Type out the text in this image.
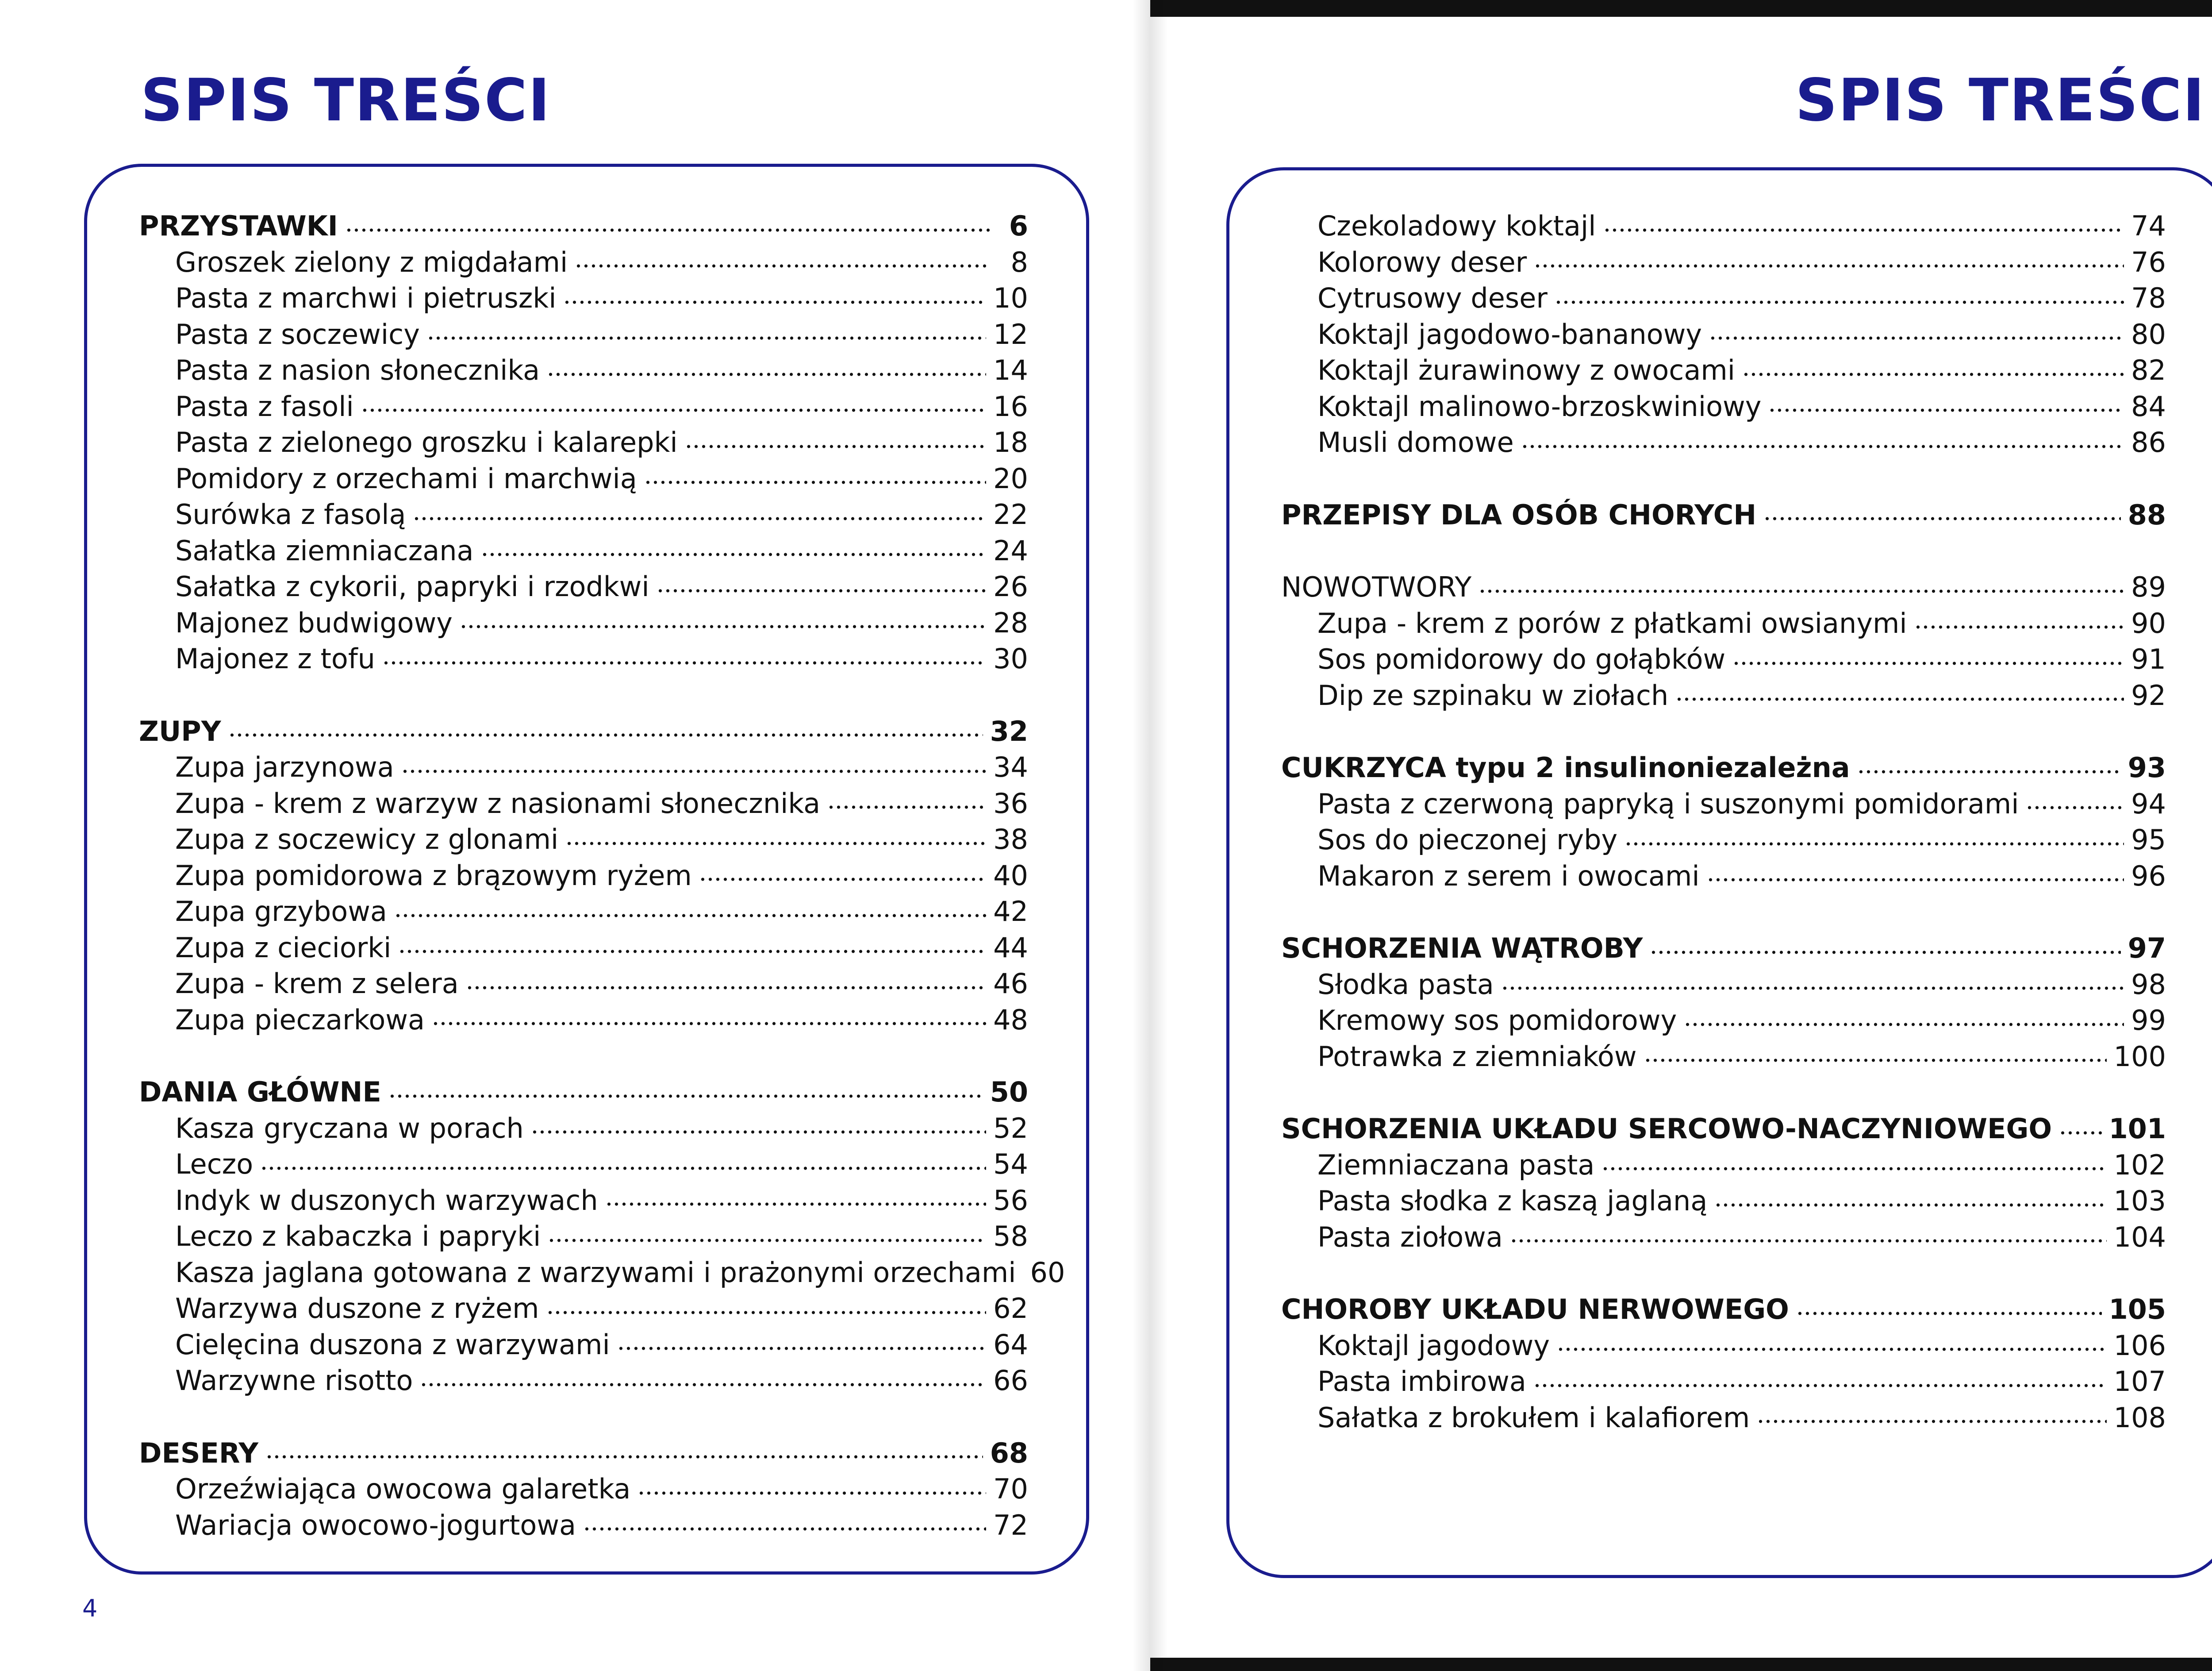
SPIS TREŚCI
PRZYSTAWKI	6
Groszek zielony z migdałami	8
Pasta z marchwi i pietruszki	10
Pasta z soczewicy	12
Pasta z nasion słonecznika	14
Pasta z fasoli	16
Pasta z zielonego groszku i kalarepki	18
Pomidory z orzechami i marchwią	20
Surówka z fasolą	22
Sałatka ziemniaczana	24
Sałatka z cykorii, papryki i rzodkwi	26
Majonez budwigowy	28
Majonez z tofu	30
ZUPY	32
Zupa jarzynowa	34
Zupa - krem z warzyw z nasionami słonecznika	36
Zupa z soczewicy z glonami	38
Zupa pomidorowa z brązowym ryżem	40
Zupa grzybowa	42
Zupa z cieciorki	44
Zupa - krem z selera	46
Zupa pieczarkowa	48
DANIA GŁÓWNE	50
Kasza gryczana w porach	52
Leczo	54
Indyk w duszonych warzywach	56
Leczo z kabaczka i papryki	58
Kasza jaglana gotowana z warzywami i prażonymi orzechami 60
Warzywa duszone z ryżem	62
Cielęcina duszona z warzywami	64
Warzywne risotto	66
DESERY	68
Orzeźwiająca owocowa galaretka	70
Wariacja owocowo-jogurtowa	72
4
SPIS TREŚCI
Czekoladowy koktajl	74
Kolorowy deser	76
Cytrusowy deser	78
Koktajl jagodowo-bananowy	80
Koktajl żurawinowy z owocami	82
Koktajl malinowo-brzoskwiniowy	84
Musli domowe	86
PRZEPISY DLA OSÓB CHORYCH	88
NOWOTWORY	89
Zupa - krem z porów z płatkami owsianymi	90
Sos pomidorowy do gołąbków	91
Dip ze szpinaku w ziołach	92
CUKRZYCA typu 2 insulinoniezależna	93
Pasta z czerwoną papryką i suszonymi pomidorami	94
Sos do pieczonej ryby	95
Makaron z serem i owocami	96
SCHORZENIA WĄTROBY	97
Słodka pasta	98
Kremowy sos pomidorowy	99
Potrawka z ziemniaków	100
SCHORZENIA UKŁADU SERCOWO-NACZYNIOWEGO 101
Ziemniaczana pasta	102
Pasta słodka z kaszą jaglaną	103
Pasta ziołowa	104
CHOROBY UKŁADU NERWOWEGO	105
Koktajl jagodowy	106
Pasta imbirowa	107
Sałatka z brokułem i kalafiorem	108
